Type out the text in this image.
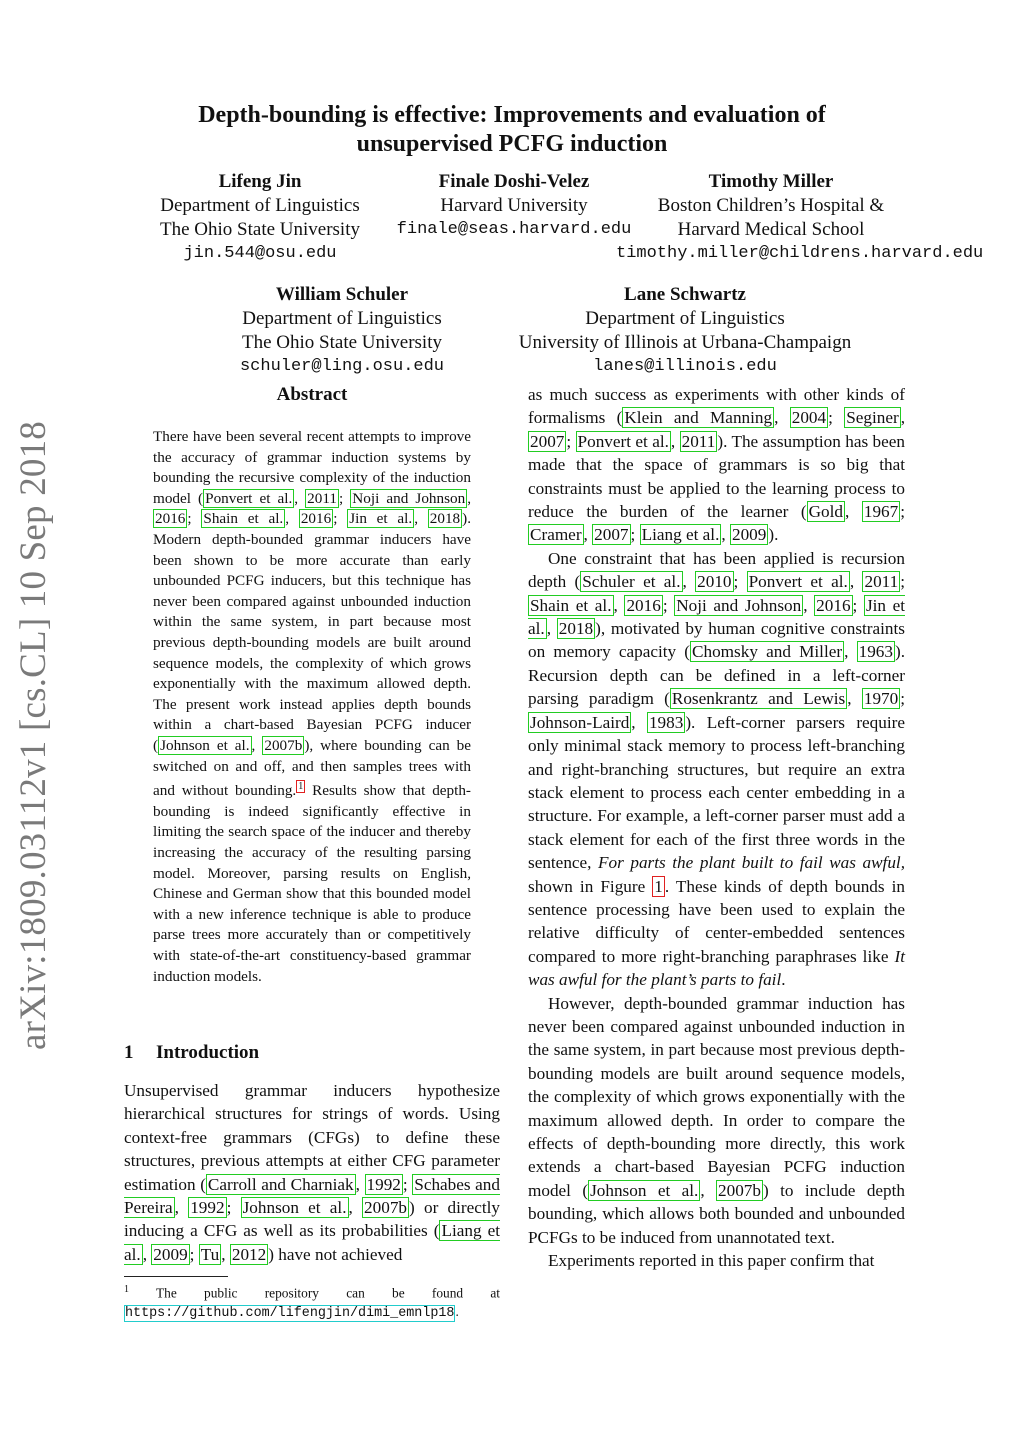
arXiv:1809.03112v1 [cs.CL] 10 Sep 2018
Depth-bounding is effective: Improvements and evaluation of
unsupervised PCFG induction
Lifeng Jin
Department of Linguistics
The Ohio State University
jin.544@osu.edu
Finale Doshi-Velez
Harvard University
finale@seas.harvard.edu
Timothy Miller
Boston Children’s Hospital &
Harvard Medical School
timothy.miller@childrens.harvard.edu
William Schuler
Department of Linguistics
The Ohio State University
schuler@ling.osu.edu
Lane Schwartz
Department of Linguistics
University of Illinois at Urbana-Champaign
lanes@illinois.edu
Abstract
There have been several recent attempts to improve the accuracy of grammar induction systems by bounding the recursive complexity of the induction model ( Ponvert et al. , 2011 ; Noji and Johnson , 2016 ; Shain et al. , 2016 ; Jin et al. , 2018 ). Modern depth-bounded grammar inducers have been shown to be more accurate than early unbounded PCFG inducers, but this technique has never been compared against unbounded induction within the same system, in part because most previous depth-bounding models are built around sequence models, the complexity of which grows exponentially with the maximum allowed depth. The present work instead applies depth bounds within a chart-based Bayesian PCFG inducer ( Johnson et al. , 2007b ), where bounding can be switched on and off, and then samples trees with and without bounding. $^1$ Results show that depth-bounding is indeed significantly effective in limiting the search space of the inducer and thereby increasing the accuracy of the resulting parsing model. Moreover, parsing results on English, Chinese and German show that this bounded model with a new inference technique is able to produce parse trees more accurately than or competitively with state-of-the-art constituency-based grammar induction models.
1 Introduction
Unsupervised grammar inducers hypothesize hierarchical structures for strings of words. Using context-free grammars (CFGs) to define these structures, previous attempts at either CFG parameter estimation ( Carroll and Charniak , 1992 ; Schabes and Pereira , 1992 ; Johnson et al. , 2007b ) or directly inducing a CFG as well as its probabilities ( Liang et al. , 2009 ; Tu , 2012 ) have not achieved
$^1$ The public repository can be found at https://github.com/lifengjin/dimi_emnlp18.

as much success as experiments with other kinds of formalisms ( Klein and Manning , 2004 ; Seginer , 2007 ; Ponvert et al. , 2011 ). The assumption has been made that the space of grammars is so big that constraints must be applied to the learning process to reduce the burden of the learner ( Gold , 1967 ; Cramer , 2007 ; Liang et al. , 2009 ).

One constraint that has been applied is recursion depth ( Schuler et al. , 2010 ; Ponvert et al. , 2011 ; Shain et al. , 2016 ; Noji and Johnson , 2016 ; Jin et al. , 2018 ), motivated by human cognitive constraints on memory capacity ( Chomsky and Miller , 1963 ). Recursion depth can be defined in a left-corner parsing paradigm ( Rosenkrantz and Lewis , 1970 ; Johnson-Laird , 1983 ). Left-corner parsers require only minimal stack memory to process left-branching and right-branching structures, but require an extra stack element to process each center embedding in a structure. For example, a left-corner parser must add a stack element for each of the first three words in the sentence, For parts the plant built to fail was awful, shown in Figure 1 . These kinds of depth bounds in sentence processing have been used to explain the relative difficulty of center-embedded sentences compared to more right-branching paraphrases like It was awful for the plant’s parts to fail.

However, depth-bounded grammar induction has never been compared against unbounded induction in the same system, in part because most previous depth-bounding models are built around sequence models, the complexity of which grows exponentially with the maximum allowed depth. In order to compare the effects of depth-bounding more directly, this work extends a chart-based Bayesian PCFG induction model ( Johnson et al. , 2007b ) to include depth bounding, which allows both bounded and unbounded PCFGs to be induced from unannotated text.

Experiments reported in this paper confirm that
